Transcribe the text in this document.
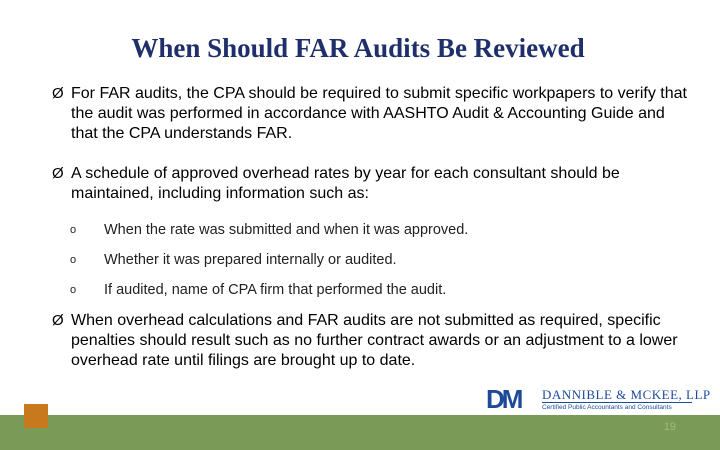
When Should FAR Audits Be Reviewed
Ø For FAR audits, the CPA should be required to submit specific workpapers to verify that the audit was performed in accordance with AASHTO Audit & Accounting Guide and that the CPA understands FAR.
Ø A schedule of approved overhead rates by year for each consultant should be maintained, including information such as:
o When the rate was submitted and when it was approved.
o Whether it was prepared internally or audited.
o If audited, name of CPA firm that performed the audit.
Ø When overhead calculations and FAR audits are not submitted as required, specific penalties should result such as no further contract awards or an adjustment to a lower overhead rate until filings are brought up to date.
DM DANNIBLE & MCKEE, LLP
Certified Public Accountants and Consultants
19
